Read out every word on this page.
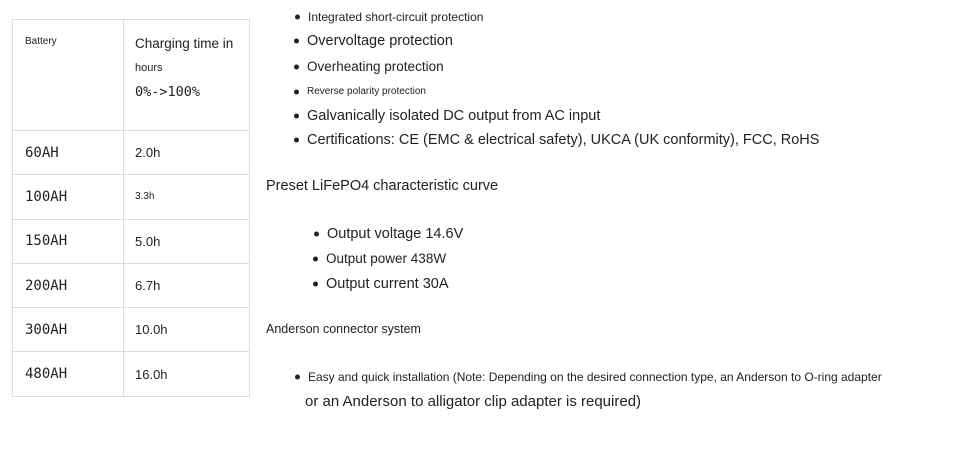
Battery	Charging time in
hours
0%->100%

60AH	2.0h
100AH	3.3h
150AH	5.0h
200AH	6.7h
300AH	10.0h
480AH	16.0h
Integrated short-circuit protection
Overvoltage protection
Overheating protection
Reverse polarity protection
Galvanically isolated DC output from AC input
Certifications: CE (EMC & electrical safety), UKCA (UK conformity), FCC, RoHS
Preset LiFePO4 characteristic curve
Output voltage 14.6V
Output power 438W
Output current 30A
Anderson connector system
Easy and quick installation (Note: Depending on the desired connection type, an Anderson to O-ring adapter
or an Anderson to alligator clip adapter is required)
